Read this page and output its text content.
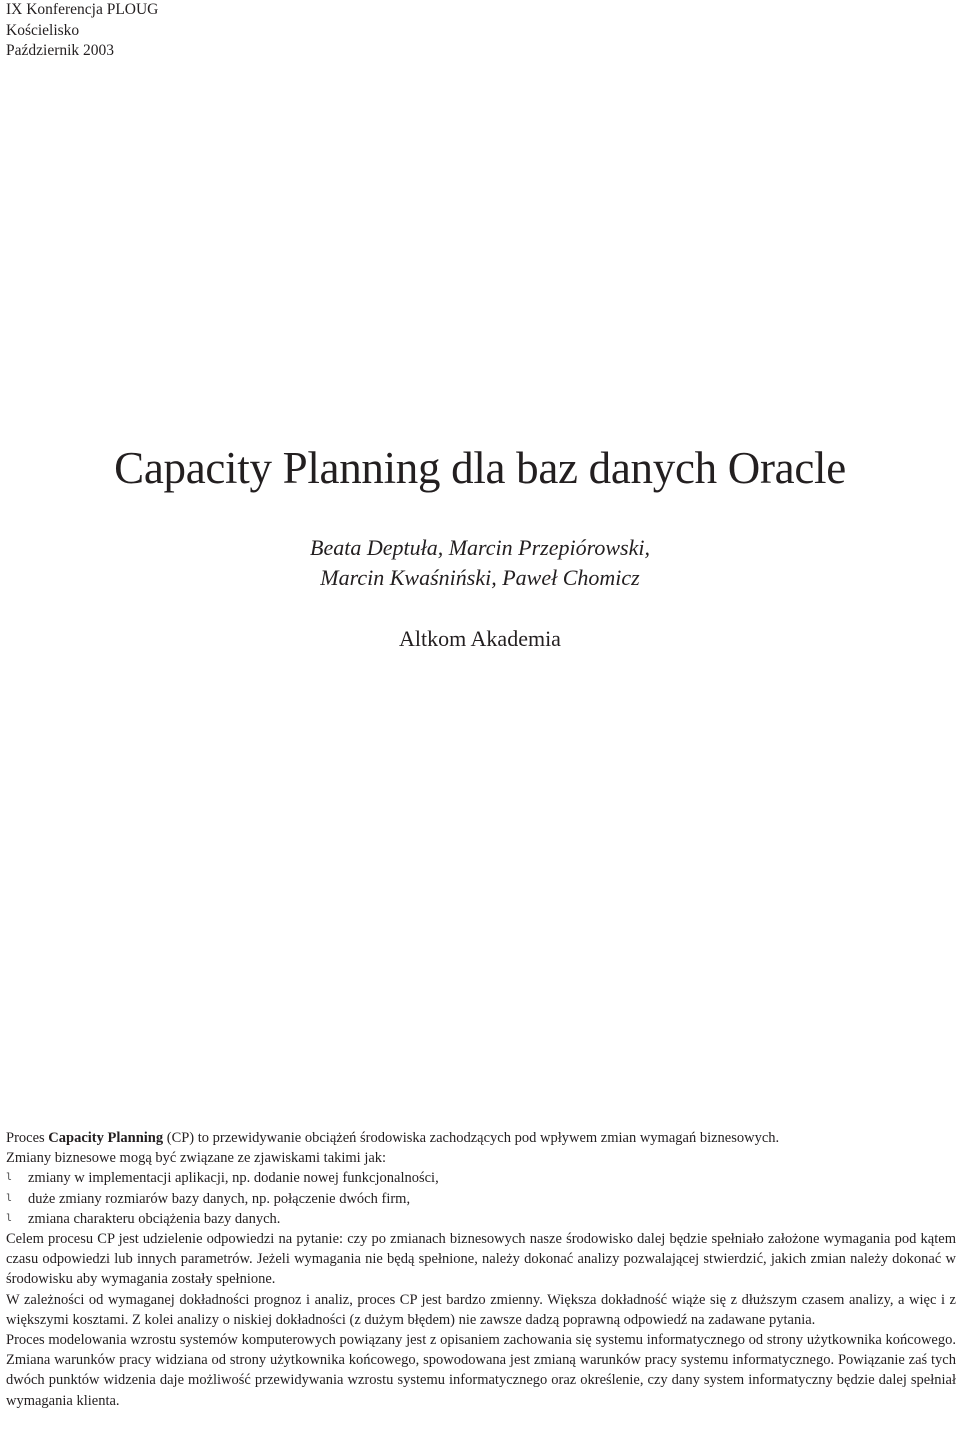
IX Konferencja PLOUG
Kościelisko
Październik 2003
Capacity Planning dla baz danych Oracle
Beata Deptuła, Marcin Przepiórowski,
Marcin Kwaśniński, Paweł Chomicz
Altkom Akademia

Proces Capacity Planning (CP) to przewidywanie obciążeń środowiska zachodzących pod wpływem zmian wymagań biznesowych.

Zmiany biznesowe mogą być związane ze zjawiskami takimi jak:

l zmiany w implementacji aplikacji, np. dodanie nowej funkcjonalności,
l duże zmiany rozmiarów bazy danych, np. połączenie dwóch firm,
l zmiana charakteru obciążenia bazy danych.

Celem procesu CP jest udzielenie odpowiedzi na pytanie: czy po zmianach biznesowych nasze środowisko dalej będzie spełniało założone wymagania pod kątem czasu odpowiedzi lub innych parametrów. Jeżeli wymagania nie będą spełnione, należy dokonać analizy pozwalającej stwierdzić, jakich zmian należy dokonać w środowisku aby wymagania zostały spełnione.

W zależności od wymaganej dokładności prognoz i analiz, proces CP jest bardzo zmienny. Większa dokładność wiąże się z dłuższym czasem analizy, a więc i z większymi kosztami. Z kolei analizy o niskiej dokładności (z dużym błędem) nie zawsze dadzą poprawną odpowiedź na zadawane pytania.

Proces modelowania wzrostu systemów komputerowych powiązany jest z opisaniem zachowania się systemu informatycznego od strony użytkownika końcowego. Zmiana warunków pracy widziana od strony użytkownika końcowego, spowodowana jest zmianą warunków pracy systemu informatycznego. Powiązanie zaś tych dwóch punktów widzenia daje możliwość przewidywania wzrostu systemu informatycznego oraz określenie, czy dany system informatyczny będzie dalej spełniał wymagania klienta.
